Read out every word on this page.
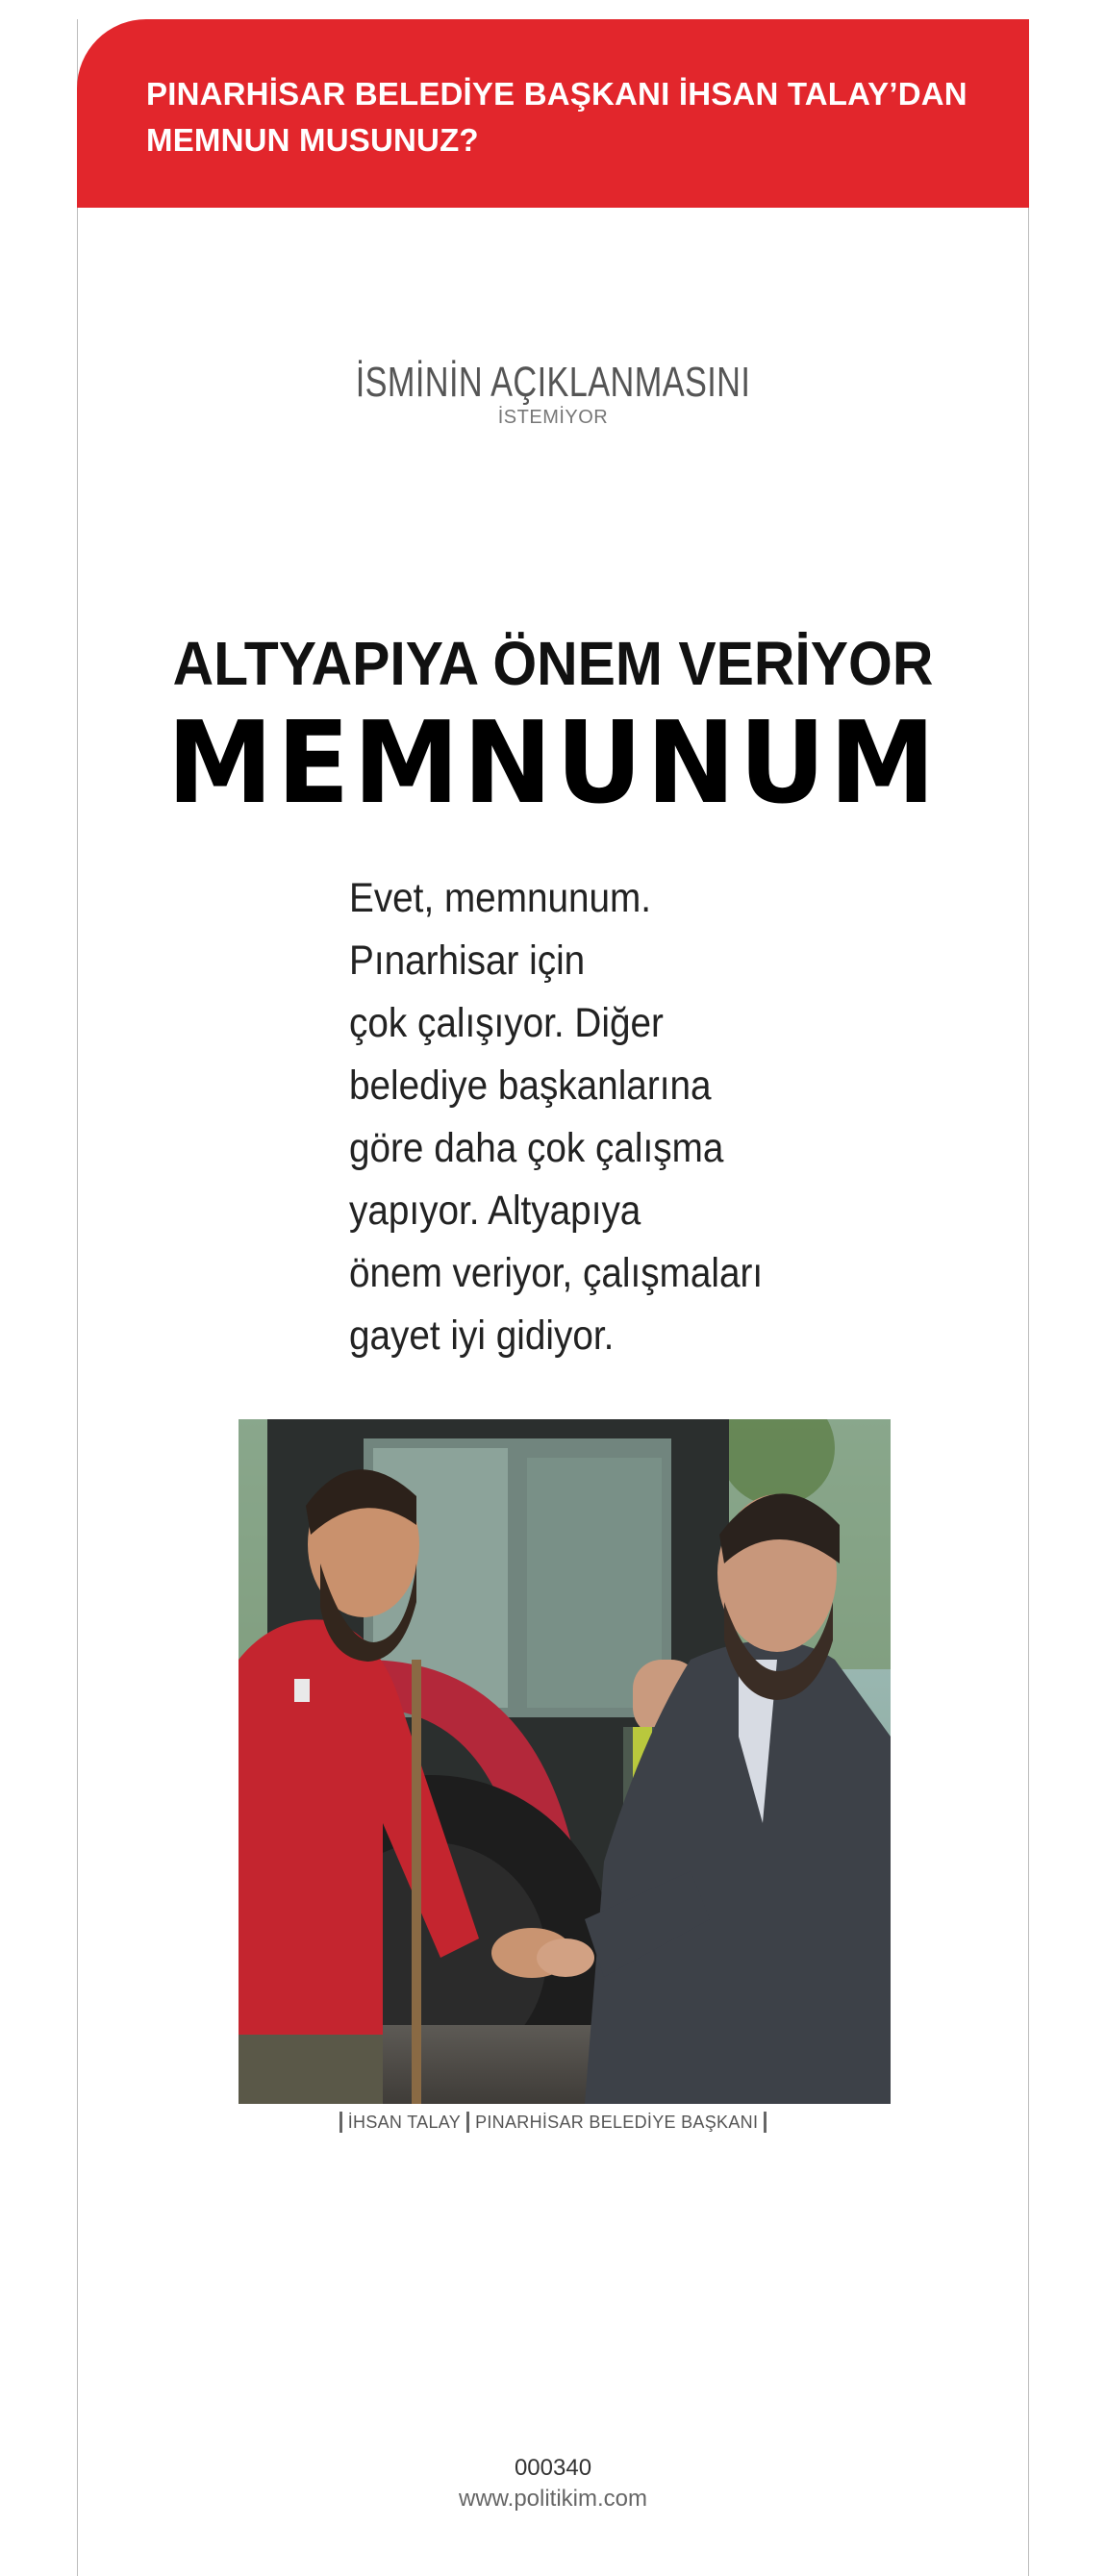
PINARHİSAR BELEDİYE BAŞKANI İHSAN TALAY’DAN
MEMNUN MUSUNUZ?
İSMİNİN AÇIKLANMASINI
İSTEMİYOR
ALTYAPIYA ÖNEM VERİYOR
MEMNUNUM

Evet, memnunum.

Pınarhisar için

çok çalışıyor. Diğer

belediye başkanlarına

göre daha çok çalışma

yapıyor. Altyapıya

önem veriyor, çalışmaları

gayet iyi gidiyor.

İHSAN TALAY PINARHİSAR BELEDİYE BAŞKANI
000340
www.politikim.com
